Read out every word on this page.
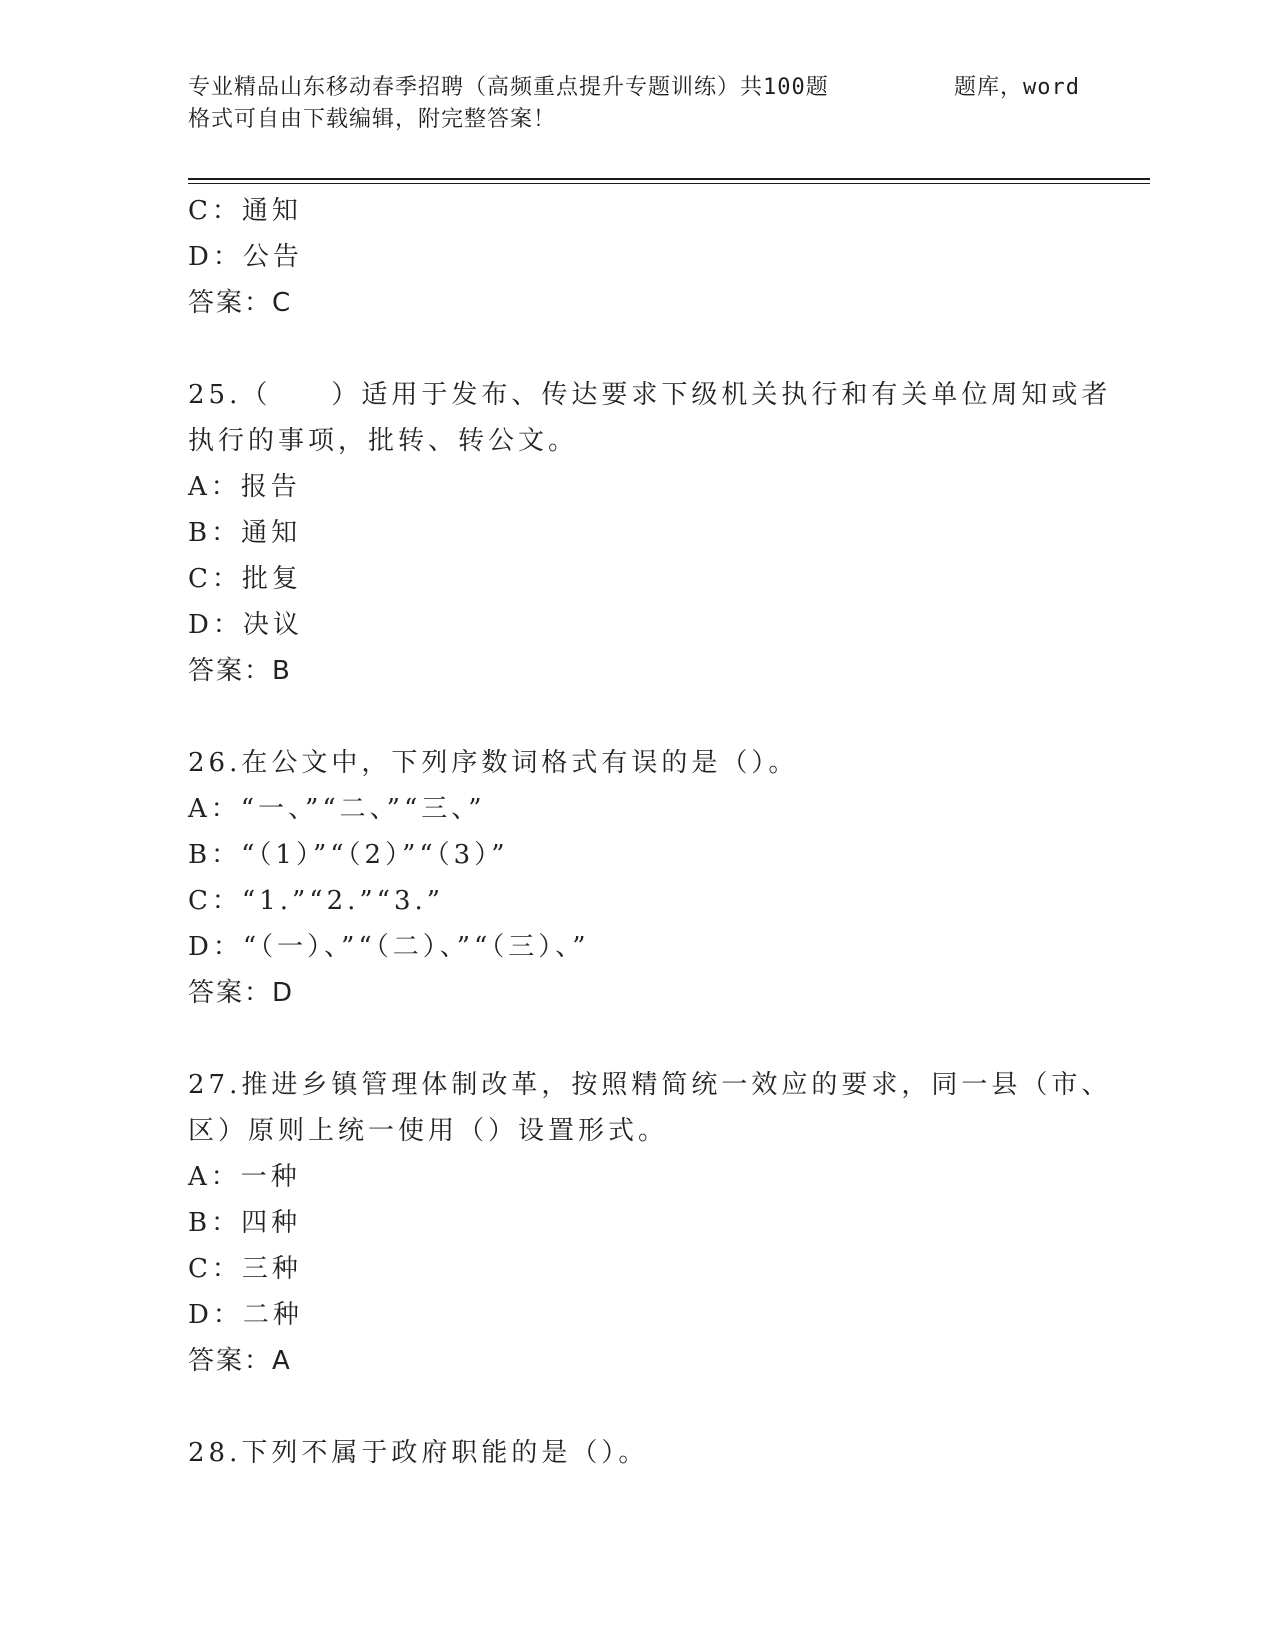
专业精品山东移动春季招聘（高频重点提升专题训练）共100题	题库，word
格式可自由下载编辑，附完整答案！
C：通知
D：公告
答案：C
25.（　　）适用于发布、传达要求下级机关执行和有关单位周知或者
执行的事项，批转、转公文。
A：报告
B：通知
C：批复
D：决议
答案：B
26.在公文中，下列序数词格式有误的是（）。
A：“一、”“二、”“三、”
B：“（1）”“（2）”“（3）”
C：“1.”“2.”“3.”
D：“（一）、”“（二）、”“（三）、”
答案：D
27.推进乡镇管理体制改革，按照精简统一效应的要求，同一县（市、
区）原则上统一使用（）设置形式。
A：一种
B：四种
C：三种
D：二种
答案：A
28.下列不属于政府职能的是（）。
